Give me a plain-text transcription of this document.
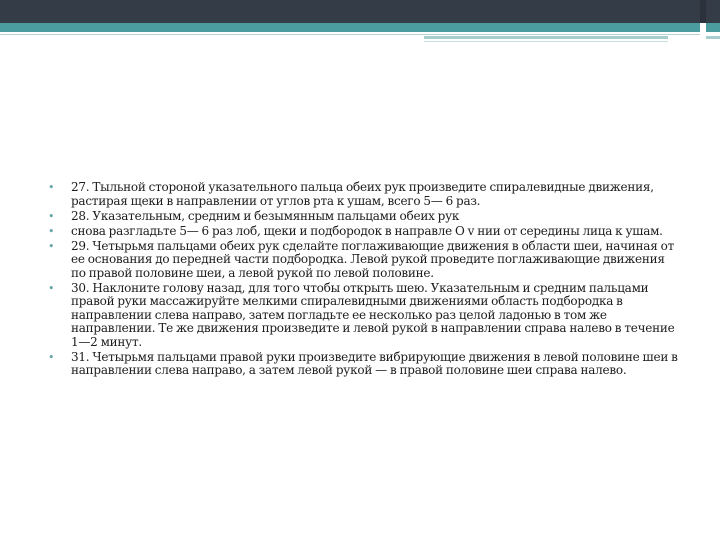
• 27. Тыльной стороной указательного пальца обеих рук произведите спиралевидные движения, растирая щеки в направлении от углов рта к ушам, всего 5— 6 раз.
• 28. Указательным, средним и безымянным пальцами обеих рук
• снова разгладьте 5— 6 раз лоб, щеки и подбородок в направле О v нии от середины лица к ушам.
• 29. Четырьмя пальцами обеих рук сделайте поглаживающие движения в области шеи, начиная от ее основания до передней части подбородка. Левой рукой проведите поглаживающие движения по правой половине шеи, а левой рукой по левой половине.
• 30. Наклоните голову назад, для того чтобы открыть шею. Указательным и средним пальцами правой руки массажируйте мелкими спиралевидными движениями область подбородка в направлении слева направо, затем погладьте ее несколько раз целой ладонью в том же направлении. Те же движения произведите и левой рукой в направлении справа налево в течение 1—2 минут.
• 31. Четырьмя пальцами правой руки произведите вибрирующие движения в левой половине шеи в направлении слева направо, а затем левой рукой — в правой половине шеи справа налево.
